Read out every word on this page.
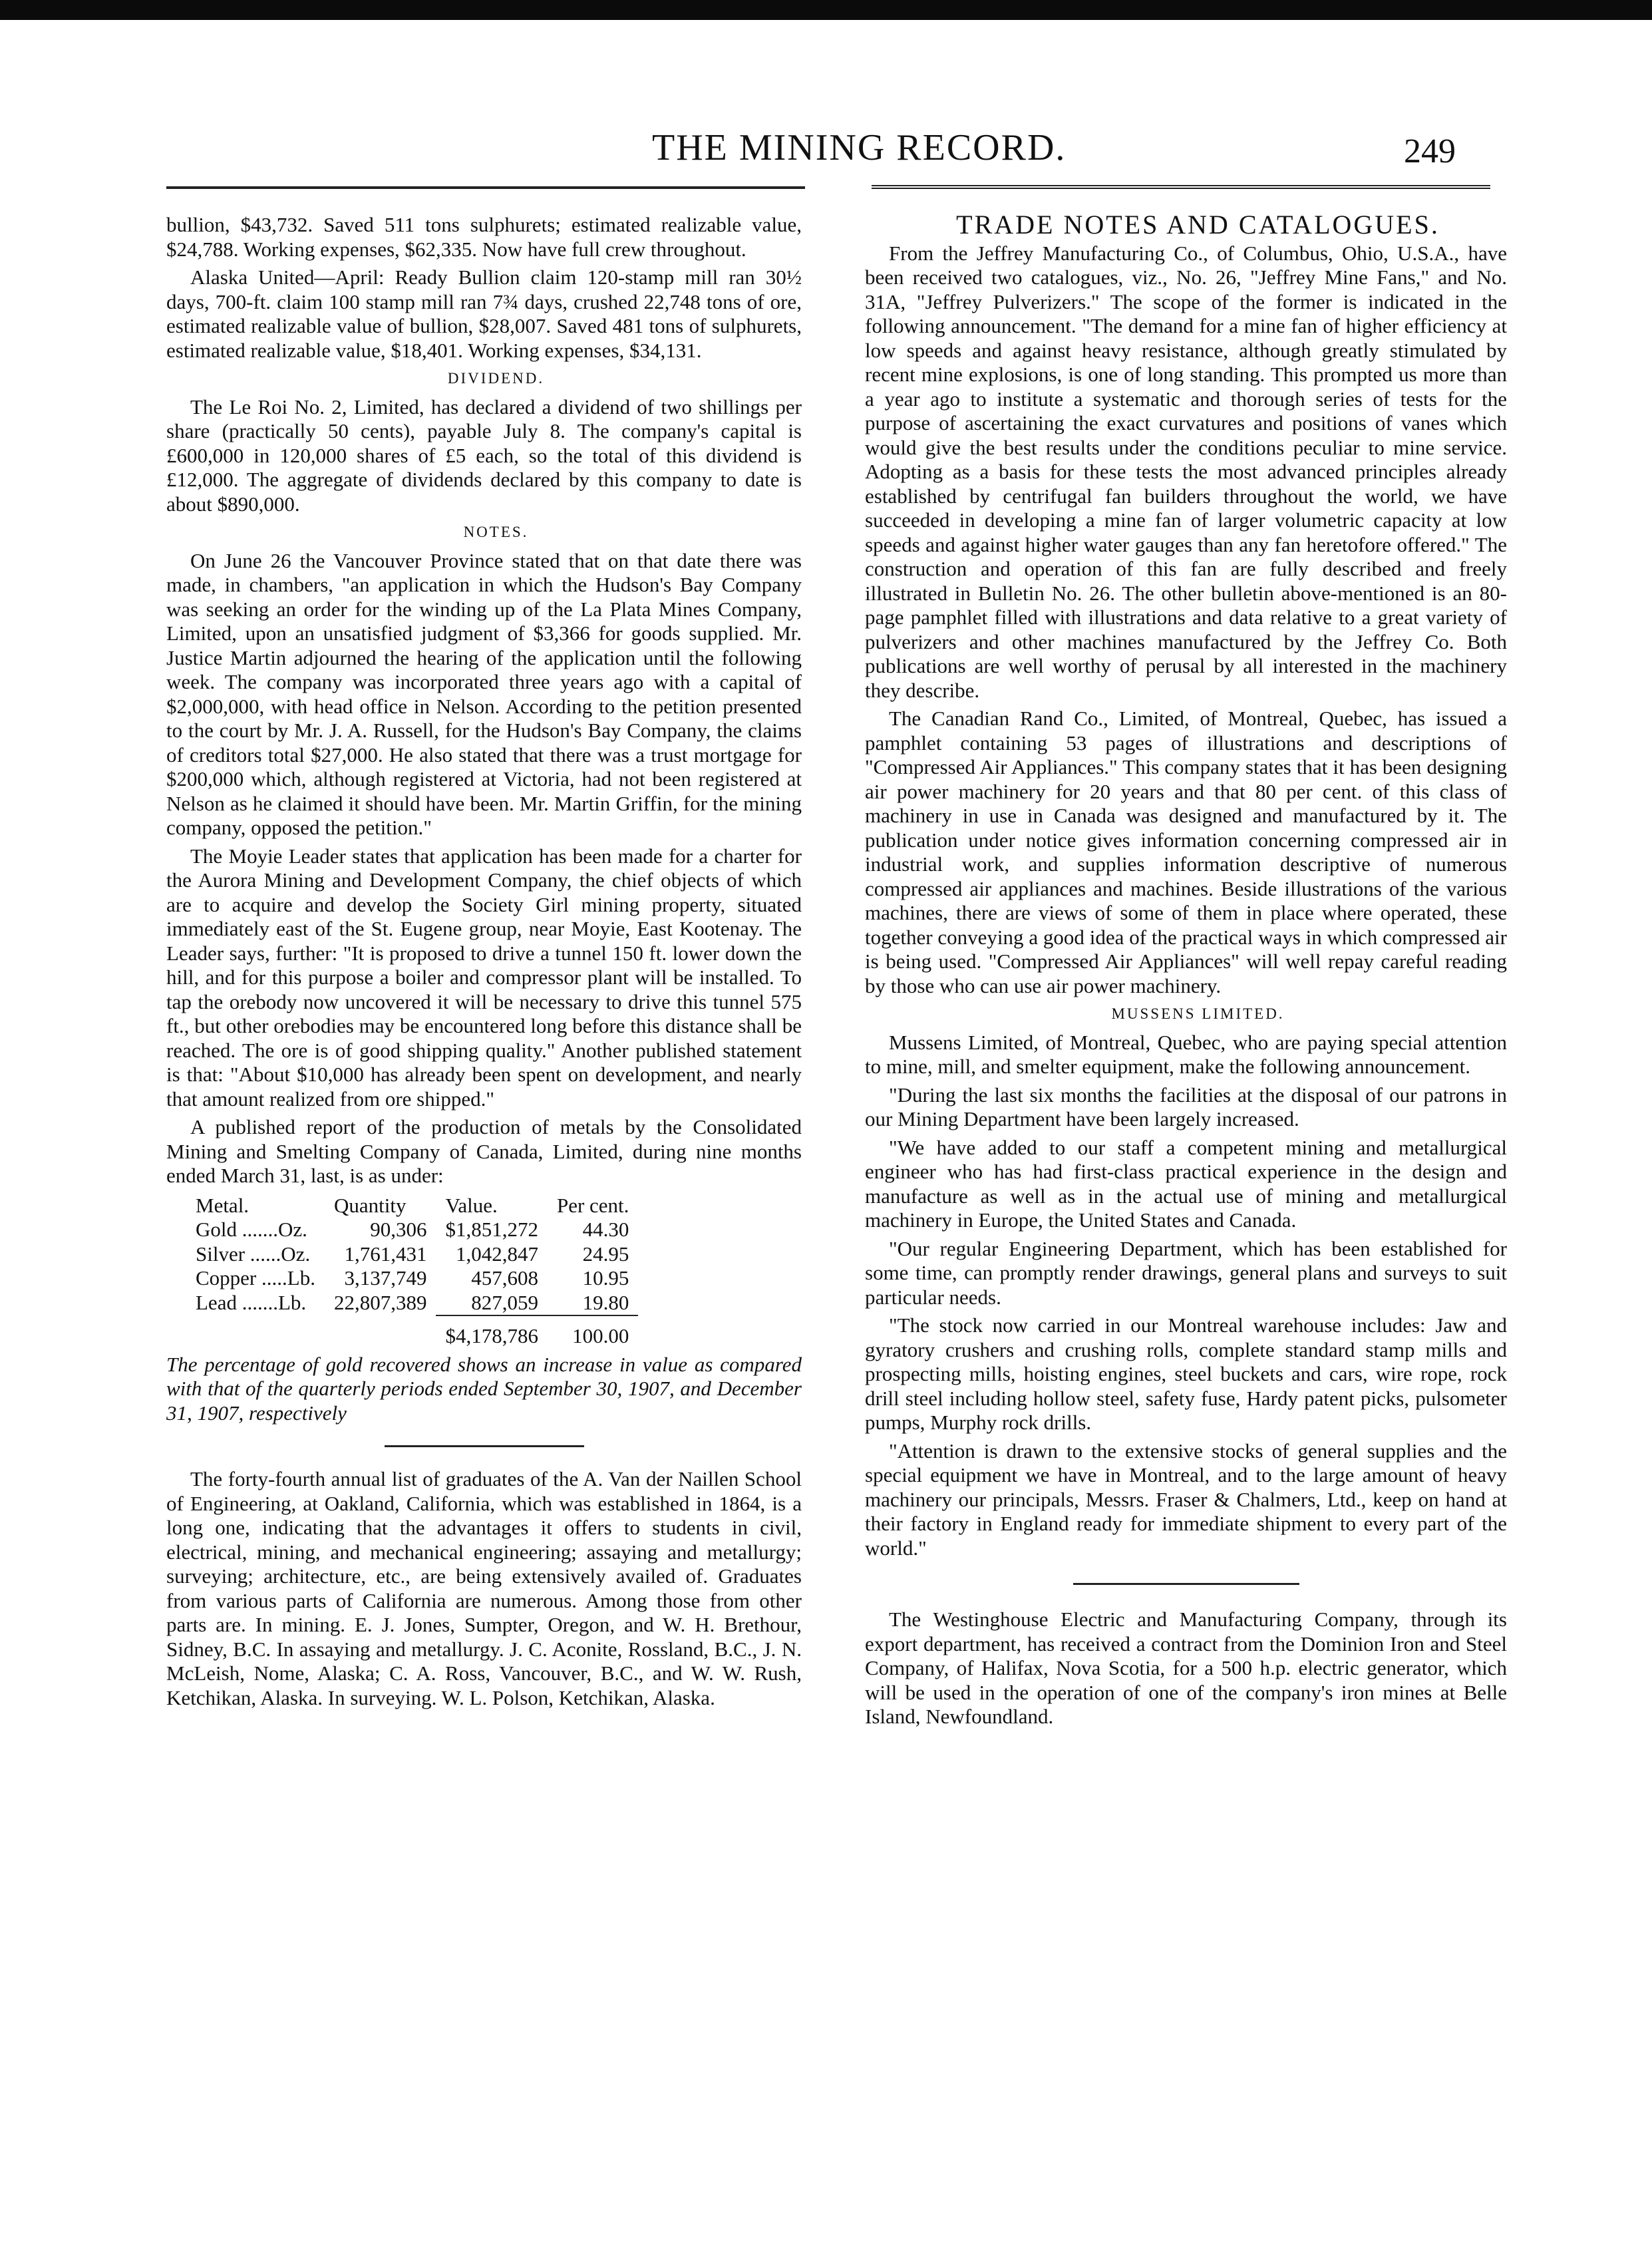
THE MINING RECORD.	249

bullion, $43,732. Saved 511 tons sulphurets; estimated realizable value, $24,788. Working expenses, $62,335. Now have full crew throughout.

Alaska United—April: Ready Bullion claim 120-stamp mill ran 30½ days, 700-ft. claim 100 stamp mill ran 7¾ days, crushed 22,748 tons of ore, estimated realizable value of bullion, $28,007. Saved 481 tons of sulphurets, estimated realizable value, $18,401. Working expenses, $34,131.

DIVIDEND.

The Le Roi No. 2, Limited, has declared a dividend of two shillings per share (practically 50 cents), payable July 8. The company's capital is £600,000 in 120,000 shares of £5 each, so the total of this dividend is £12,000. The aggregate of dividends declared by this company to date is about $890,000.

NOTES.

On June 26 the Vancouver Province stated that on that date there was made, in chambers, "an application in which the Hudson's Bay Company was seeking an order for the winding up of the La Plata Mines Company, Limited, upon an unsatisfied judgment of $3,366 for goods supplied. Mr. Justice Martin adjourned the hearing of the application until the following week. The company was incorporated three years ago with a capital of $2,000,000, with head office in Nelson. According to the petition presented to the court by Mr. J. A. Russell, for the Hudson's Bay Company, the claims of creditors total $27,000. He also stated that there was a trust mortgage for $200,000 which, although registered at Victoria, had not been registered at Nelson as he claimed it should have been. Mr. Martin Griffin, for the mining company, opposed the petition."

The Moyie Leader states that application has been made for a charter for the Aurora Mining and Development Company, the chief objects of which are to acquire and develop the Society Girl mining property, situated immediately east of the St. Eugene group, near Moyie, East Kootenay. The Leader says, further: "It is proposed to drive a tunnel 150 ft. lower down the hill, and for this purpose a boiler and compressor plant will be installed. To tap the orebody now uncovered it will be necessary to drive this tunnel 575 ft., but other orebodies may be encountered long before this distance shall be reached. The ore is of good shipping quality." Another published statement is that: "About $10,000 has already been spent on development, and nearly that amount realized from ore shipped."

A published report of the production of metals by the Consolidated Mining and Smelting Company of Canada, Limited, during nine months ended March 31, last, is as under:

Metal.	Quantity	Value.	Per cent.
Gold .......Oz.	90,306	$1,851,272	44.30
Silver ......Oz.	1,761,431	1,042,847	24.95
Copper .....Lb.	3,137,749	457,608	10.95
Lead .......Lb.	22,807,389	827,059	19.80
		$4,178,786	100.00

The percentage of gold recovered shows an increase in value as compared with that of the quarterly periods ended September 30, 1907, and December 31, 1907, respectively

The forty-fourth annual list of graduates of the A. Van der Naillen School of Engineering, at Oakland, California, which was established in 1864, is a long one, indicating that the advantages it offers to students in civil, electrical, mining, and mechanical engineering; assaying and metallurgy; surveying; architecture, etc., are being extensively availed of. Graduates from various parts of California are numerous. Among those from other parts are. In mining. E. J. Jones, Sumpter, Oregon, and W. H. Brethour, Sidney, B.C. In assaying and metallurgy. J. C. Aconite, Rossland, B.C., J. N. McLeish, Nome, Alaska; C. A. Ross, Vancouver, B.C., and W. W. Rush, Ketchikan, Alaska. In surveying. W. L. Polson, Ketchikan, Alaska.

TRADE NOTES AND CATALOGUES.

From the Jeffrey Manufacturing Co., of Columbus, Ohio, U.S.A., have been received two catalogues, viz., No. 26, "Jeffrey Mine Fans," and No. 31A, "Jeffrey Pulverizers." The scope of the former is indicated in the following announcement. "The demand for a mine fan of higher efficiency at low speeds and against heavy resistance, although greatly stimulated by recent mine explosions, is one of long standing. This prompted us more than a year ago to institute a systematic and thorough series of tests for the purpose of ascertaining the exact curvatures and positions of vanes which would give the best results under the conditions peculiar to mine service. Adopting as a basis for these tests the most advanced principles already established by centrifugal fan builders throughout the world, we have succeeded in developing a mine fan of larger volumetric capacity at low speeds and against higher water gauges than any fan heretofore offered." The construction and operation of this fan are fully described and freely illustrated in Bulletin No. 26. The other bulletin above-mentioned is an 80-page pamphlet filled with illustrations and data relative to a great variety of pulverizers and other machines manufactured by the Jeffrey Co. Both publications are well worthy of perusal by all interested in the machinery they describe.

The Canadian Rand Co., Limited, of Montreal, Quebec, has issued a pamphlet containing 53 pages of illustrations and descriptions of "Compressed Air Appliances." This company states that it has been designing air power machinery for 20 years and that 80 per cent. of this class of machinery in use in Canada was designed and manufactured by it. The publication under notice gives information concerning compressed air in industrial work, and supplies information descriptive of numerous compressed air appliances and machines. Beside illustrations of the various machines, there are views of some of them in place where operated, these together conveying a good idea of the practical ways in which compressed air is being used. "Compressed Air Appliances" will well repay careful reading by those who can use air power machinery.

MUSSENS LIMITED.

Mussens Limited, of Montreal, Quebec, who are paying special attention to mine, mill, and smelter equipment, make the following announcement.

"During the last six months the facilities at the disposal of our patrons in our Mining Department have been largely increased.

"We have added to our staff a competent mining and metallurgical engineer who has had first-class practical experience in the design and manufacture as well as in the actual use of mining and metallurgical machinery in Europe, the United States and Canada.

"Our regular Engineering Department, which has been established for some time, can promptly render drawings, general plans and surveys to suit particular needs.

"The stock now carried in our Montreal warehouse includes: Jaw and gyratory crushers and crushing rolls, complete standard stamp mills and prospecting mills, hoisting engines, steel buckets and cars, wire rope, rock drill steel including hollow steel, safety fuse, Hardy patent picks, pulsometer pumps, Murphy rock drills.

"Attention is drawn to the extensive stocks of general supplies and the special equipment we have in Montreal, and to the large amount of heavy machinery our principals, Messrs. Fraser & Chalmers, Ltd., keep on hand at their factory in England ready for immediate shipment to every part of the world."

The Westinghouse Electric and Manufacturing Company, through its export department, has received a contract from the Dominion Iron and Steel Company, of Halifax, Nova Scotia, for a 500 h.p. electric generator, which will be used in the operation of one of the company's iron mines at Belle Island, Newfoundland.
